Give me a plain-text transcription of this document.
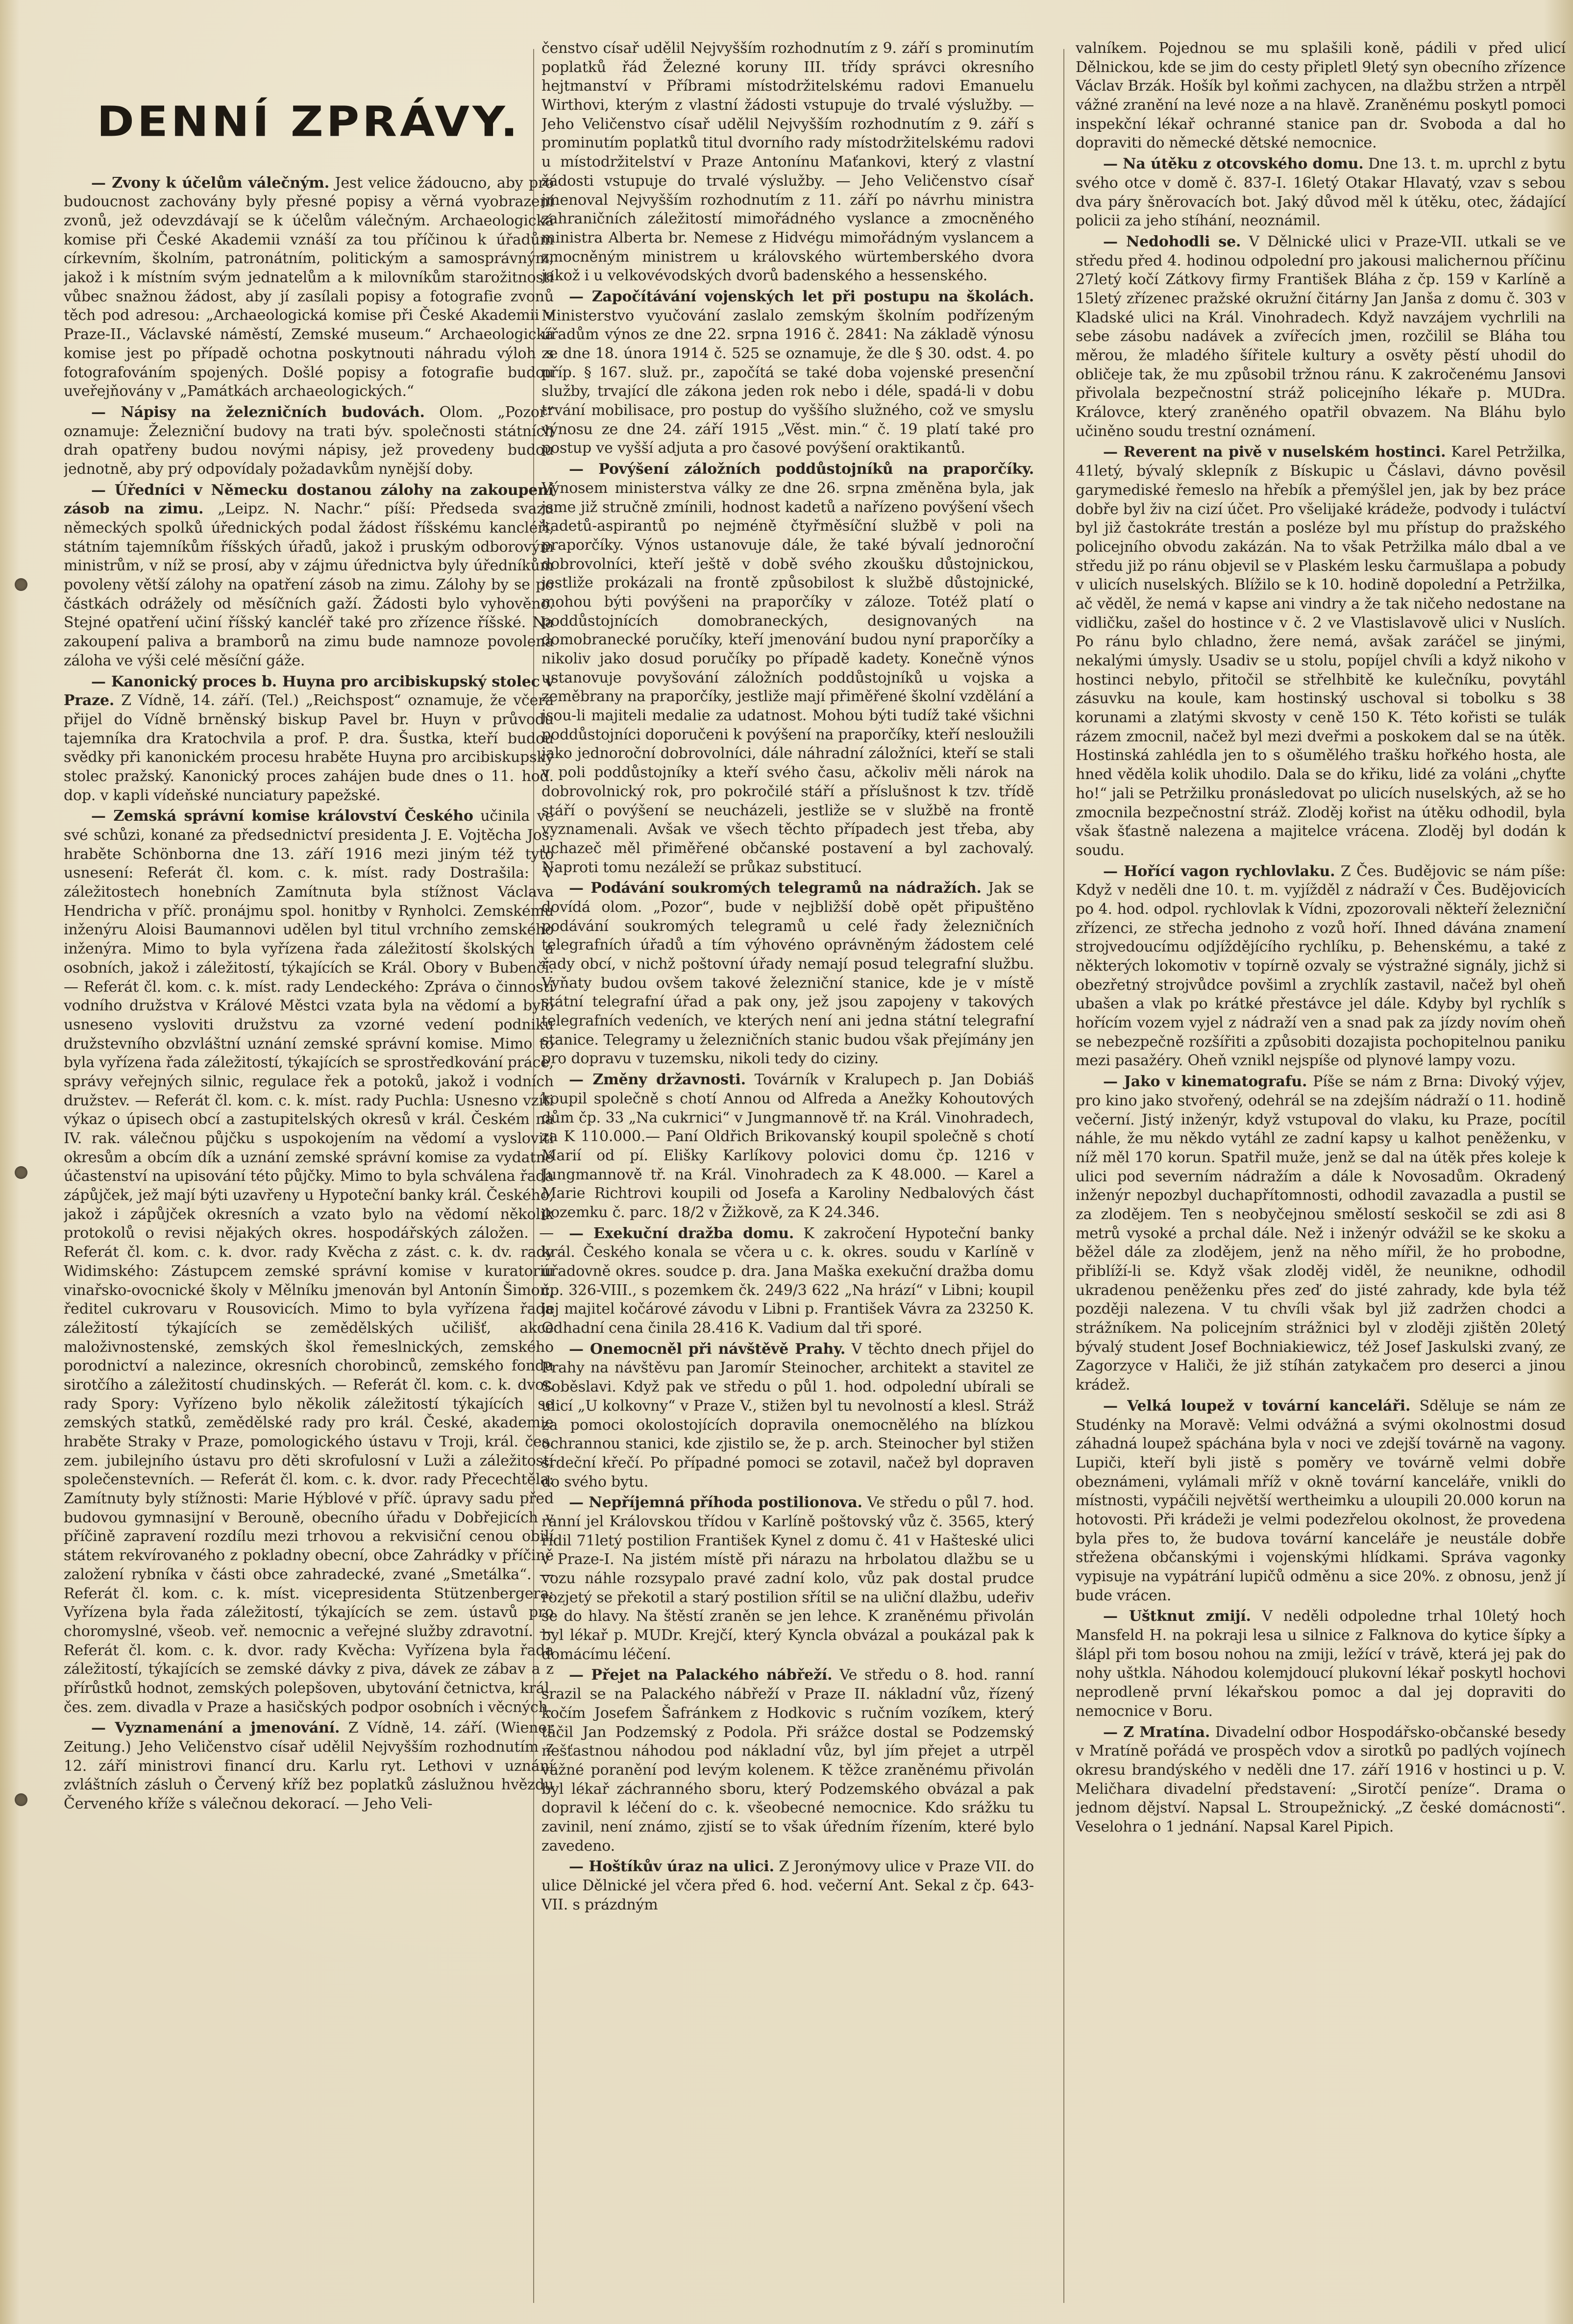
DENNÍ ZPRÁVY.

— Zvony k účelům válečným. Jest velice žádoucno, aby pro budoucnost zachovány byly přesné popisy a věrná vyobrazení zvonů, jež odevzdávají se k účelům válečným. Archaeologická komise při České Akademii vznáší za tou příčinou k úřadům církevním, školním, patronátním, politickým a samosprávným, jakož i k místním svým jednatelům a k milovníkům starožitností vůbec snažnou žádost, aby jí zasílali popisy a fotografie zvonů těch pod adresou: „Archaeologická komise při České Akademii v Praze-II., Václavské náměstí, Zemské museum.“ Archaeologická komise jest po případě ochotna poskytnouti náhradu výloh s fotografováním spojených. Došlé popisy a fotografie budou uveřejňovány v „Památkách archaeologických.“

— Nápisy na železničních budovách. Olom. „Pozor“ oznamuje: Železniční budovy na trati býv. společnosti státních drah opatřeny budou novými nápisy, jež provedeny budou jednotně, aby prý odpovídaly požadavkům nynější doby.

— Úředníci v Německu dostanou zálohy na zakoupení zásob na zimu. „Leipz. N. Nachr.“ píší: Předseda svazu německých spolků úřednických podal žádost říšskému kancléři, státním tajemníkům říšských úřadů, jakož i pruským odborovým ministrům, v níž se prosí, aby v zájmu úřednictva byly úředníkům povoleny větší zálohy na opatření zásob na zimu. Zálohy by se po částkách odrážely od měsíčních gaží. Žádosti bylo vyhověno. Stejné opatření učiní říšský kancléř také pro zřízence říšské. Na zakoupení paliva a bramborů na zimu bude namnoze povolena záloha ve výši celé měsíční gáže.

— Kanonický proces b. Huyna pro arcibiskupský stolec v Praze. Z Vídně, 14. září. (Tel.) „Reichspost“ oznamuje, že včera přijel do Vídně brněnský biskup Pavel br. Huyn v průvodu tajemníka dra Kratochvila a prof. P. dra. Šustka, kteří budou svědky při kanonickém procesu hraběte Huyna pro arcibiskupský stolec pražský. Kanonický proces zahájen bude dnes o 11. hod. dop. v kapli vídeňské nunciatury papežské.

— Zemská správní komise království Českého učinila ve své schůzi, konané za předsednictví presidenta J. E. Vojtěcha Jos. hraběte Schönborna dne 13. září 1916 mezi jiným též tyto usnesení: Referát čl. kom. c. k. míst. rady Dostrašila: V záležitostech honebních Zamítnuta byla stížnost Václava Hendricha v příč. pronájmu spol. honitby v Rynholci. Zemskému inženýru Aloisi Baumannovi udělen byl titul vrchního zemského inženýra. Mimo to byla vyřízena řada záležitostí školských a osobních, jakož i záležitostí, týkajících se Král. Obory v Bubenči. — Referát čl. kom. c. k. míst. rady Lendeckého: Zpráva o činnosti vodního družstva v Králové Městci vzata byla na vědomí a bylo usneseno vysloviti družstvu za vzorné vedení podniku družstevního obzvláštní uznání zemské správní komise. Mimo to byla vyřízena řada záležitostí, týkajících se sprostředkování práce, správy veřejných silnic, regulace řek a potoků, jakož i vodních družstev. — Referát čl. kom. c. k. míst. rady Puchla: Usnesno vzíti výkaz o úpisech obcí a zastupitelských okresů v král. Českém na IV. rak. válečnou půjčku s uspokojením na vědomí a vysloviti okresům a obcím dík a uznání zemské správní komise za vydatné účastenství na upisování této půjčky. Mimo to byla schválena řada zápůjček, jež mají býti uzavřeny u Hypoteční banky král. Českého, jakož i zápůjček okresních a vzato bylo na vědomí několik protokolů o revisi nějakých okres. hospodářských záložen. — Referát čl. kom. c. k. dvor. rady Kvěcha z zást. c. k. dv. rady Widimského: Zástupcem zemské správní komise v kuratoriu vinařsko-ovocnické školy v Mělníku jmenován byl Antonín Šimon, ředitel cukrovaru v Rousovicích. Mimo to byla vyřízena řada záležitostí týkajících se zemědělských učilišť, akce maloživnostenské, zemských škol řemeslnických, zemského porodnictví a nalezince, okresních chorobinců, zemského fondu sirotčího a záležitostí chudinských. — Referát čl. kom. c. k. dvor. rady Spory: Vyřízeno bylo několik záležitostí týkajících se zemských statků, zemědělské rady pro král. České, akademie hraběte Straky v Praze, pomologického ústavu v Troji, král. čes. zem. jubilejního ústavu pro děti skrofulosní v Luži a záležitostí společenstevních. — Referát čl. kom. c. k. dvor. rady Přecechtěla: Zamítnuty byly stížnosti: Marie Hýblové v příč. úpravy sadu před budovou gymnasijní v Berouně, obecního úřadu v Dobřejicích v příčině zapravení rozdílu mezi trhovou a rekvisiční cenou obilí státem rekvírovaného z pokladny obecní, obce Zahrádky v příčině založení rybníka v části obce zahradecké, zvané „Smetálka“. — Referát čl. kom. c. k. míst. vicepresidenta Stützenbergera: Vyřízena byla řada záležitostí, týkajících se zem. ústavů pro choromyslné, všeob. veř. nemocnic a veřejné služby zdravotní. — Referát čl. kom. c. k. dvor. rady Kvěcha: Vyřízena byla řada záležitostí, týkajících se zemské dávky z piva, dávek ze zábav a z přírůstků hodnot, zemských polepšoven, ubytování četnictva, král. čes. zem. divadla v Praze a hasičských podpor osobních i věcných.

— Vyznamenání a jmenování. Z Vídně, 14. září. (Wiener Zeitung.) Jeho Veličenstvo císař udělil Nejvyšším rozhodnutím z 12. září ministrovi financí dru. Karlu ryt. Lethovi v uznání zvláštních zásluh o Červený kříž bez poplatků záslužnou hvězdu Červeného kříže s válečnou dekorací. — Jeho Veli-

čenstvo císař udělil Nejvyšším rozhodnutím z 9. září s prominutím poplatků řád Železné koruny III. třídy správci okresního hejtmanství v Příbrami místodržitelskému radovi Emanuelu Wirthovi, kterým z vlastní žádosti vstupuje do trvalé výslužby. — Jeho Veličenstvo císař udělil Nejvyšším rozhodnutím z 9. září s prominutím poplatků titul dvorního rady místodržitelskému radovi u místodržitelství v Praze Antonínu Maťankovi, který z vlastní žádosti vstupuje do trvalé výslužby. — Jeho Veličenstvo císař jmenoval Nejvyšším rozhodnutím z 11. září po návrhu ministra zahraničních záležitostí mimořádného vyslance a zmocněného ministra Alberta br. Nemese z Hidvégu mimořádným vyslancem a zmocněným ministrem u královského würtemberského dvora jakož i u velkovévodských dvorů badenského a hessenského.

— Započítávání vojenských let při postupu na školách. Ministerstvo vyučování zaslalo zemským školním podřízeným úřadům výnos ze dne 22. srpna 1916 č. 2841: Na základě výnosu ze dne 18. února 1914 č. 525 se oznamuje, že dle § 30. odst. 4. po příp. § 167. služ. pr., započítá se také doba vojenské presenční služby, trvající dle zákona jeden rok nebo i déle, spadá-li v dobu trvání mobilisace, pro postup do vyššího služného, což ve smyslu výnosu ze dne 24. září 1915 „Věst. min.“ č. 19 platí také pro postup ve vyšší adjuta a pro časové povýšení oraktikantů.

— Povýšení záložních poddůstojníků na praporčíky. Výnosem ministerstva války ze dne 26. srpna změněna byla, jak jsme již stručně zmínili, hodnost kadetů a nařízeno povýšení všech kadetů-aspirantů po nejméně čtyřměsíční službě v poli na praporčíky. Výnos ustanovuje dále, že také bývalí jednoroční dobrovolníci, kteří ještě v době svého zkoušku důstojnickou, jestliže prokázali na frontě způsobilost k službě důstojnické, mohou býti povýšeni na praporčíky v záloze. Totéž platí o poddůstojnících domobraneckých, designovaných na domobranecké poručíky, kteří jmenování budou nyní praporčíky a nikoliv jako dosud poručíky po případě kadety. Konečně výnos ustanovuje povyšování záložních poddůstojníků u vojska a zeměbrany na praporčíky, jestliže mají přiměřené školní vzdělání a jsou-li majiteli medalie za udatnost. Mohou býti tudíž také všichni poddůstojníci doporučeni k povýšení na praporčíky, kteří nesloužili jako jednoroční dobrovolníci, dále náhradní záložníci, kteří se stali v poli poddůstojníky a kteří svého času, ačkoliv měli nárok na dobrovolnický rok, pro pokročilé stáří a příslušnost k tzv. třídě stáří o povýšení se neucházeli, jestliže se v službě na frontě vyznamenali. Avšak ve všech těchto případech jest třeba, aby uchazeč měl přiměřené občanské postavení a byl zachovalý. Naproti tomu nezáleží se průkaz substitucí.

— Podávání soukromých telegramů na nádražích. Jak se dovídá olom. „Pozor“, bude v nejbližší době opět připuštěno podávání soukromých telegramů u celé řady železničních telegrafních úřadů a tím výhovéno oprávněným žádostem celé řady obcí, v nichž poštovní úřady nemají posud telegrafní službu. Vyňaty budou ovšem takové železniční stanice, kde je v místě státní telegrafní úřad a pak ony, jež jsou zapojeny v takových telegrafních vedeních, ve kterých není ani jedna státní telegrafní stanice. Telegramy u železničních stanic budou však přejímány jen pro dopravu v tuzemsku, nikoli tedy do ciziny.

— Změny državnosti. Továrník v Kralupech p. Jan Dobiáš koupil společně s chotí Annou od Alfreda a Anežky Kohoutových dům čp. 33 „Na cukrnici“ v Jungmannově tř. na Král. Vinohradech, za K 110.000.— Paní Oldřich Brikovanský koupil společně s chotí Marií od pí. Elišky Karlíkovy polovici domu čp. 1216 v Jungmannově tř. na Král. Vinohradech za K 48.000. — Karel a Marie Richtrovi koupili od Josefa a Karoliny Nedbalových část pozemku č. parc. 18/2 v Žižkově, za K 24.346.

— Exekuční dražba domu. K zakročení Hypoteční banky král. Českého konala se včera u c. k. okres. soudu v Karlíně v úřadovně okres. soudce p. dra. Jana Maška exekuční dražba domu čp. 326-VIII., s pozemkem čk. 249/3 622 „Na hrází“ v Libni; koupil jej majitel kočárové závodu v Libni p. František Vávra za 23250 K. Odhadní cena činila 28.416 K. Vadium dal tři sporé.

— Onemocněl při návštěvě Prahy. V těchto dnech přijel do Prahy na návštěvu pan Jaromír Steinocher, architekt a stavitel ze Soběslavi. Když pak ve středu o půl 1. hod. odpolední ubírali se ulicí „U kolkovny“ v Praze V., stižen byl tu nevolností a klesl. Stráž za pomoci okolostojících dopravila onemocnělého na blízkou ochrannou stanici, kde zjistilo se, že p. arch. Steinocher byl stižen srdeční křečí. Po případné pomoci se zotavil, načež byl dopraven do svého bytu.

— Nepříjemná příhoda postilionova. Ve středu o půl 7. hod. ranní jel Královskou třídou v Karlíně poštovský vůz č. 3565, který řídil 71letý postilion František Kynel z domu č. 41 v Hašteské ulici v Praze-I. Na jistém místě při nárazu na hrbolatou dlažbu se u vozu náhle rozsypalo pravé zadní kolo, vůz pak dostal prudce rozjetý se překotil a starý postilion sřítil se na uliční dlažbu, udeřiv se do hlavy. Na štěstí zraněn se jen lehce. K zraněnému přivolán byl lékař p. MUDr. Krejčí, který Kyncla obvázal a poukázal pak k domácímu léčení.

— Přejet na Palackého nábřeží. Ve středu o 8. hod. ranní srazil se na Palackého nábřeží v Praze II. nákladní vůz, řízený kočím Josefem Šafránkem z Hodkovic s ručním vozíkem, který táčil Jan Podzemský z Podola. Při srážce dostal se Podzemský nešťastnou náhodou pod nákladní vůz, byl jím přejet a utrpěl vážné poranění pod levým kolenem. K těžce zraněnému přivolán byl lékař záchranného sboru, který Podzemského obvázal a pak dopravil k léčení do c. k. všeobecné nemocnice. Kdo srážku tu zavinil, není známo, zjistí se to však úředním řízením, které bylo zavedeno.

— Hoštíkův úraz na ulici. Z Jeronýmovy ulice v Praze VII. do ulice Dělnické jel včera před 6. hod. večerní Ant. Sekal z čp. 643-VII. s prázdným

valníkem. Pojednou se mu splašili koně, pádili v před ulicí Dělnickou, kde se jim do cesty připletl 9letý syn obecního zřízence Václav Brzák. Hošík byl koňmi zachycen, na dlažbu stržen a ntrpěl vážné zranění na levé noze a na hlavě. Zraněnému poskytl pomoci inspekční lékař ochranné stanice pan dr. Svoboda a dal ho dopraviti do německé dětské nemocnice.

— Na útěku z otcovského domu. Dne 13. t. m. uprchl z bytu svého otce v domě č. 837-I. 16letý Otakar Hlavatý, vzav s sebou dva páry šněrovacích bot. Jaký důvod měl k útěku, otec, žádající policii za jeho stíhání, neoznámil.

— Nedohodli se. V Dělnické ulici v Praze-VII. utkali se ve středu před 4. hodinou odpolední pro jakousi malichernou příčinu 27letý kočí Zátkovy firmy František Bláha z čp. 159 v Karlíně a 15letý zřízenec pražské okružní čitárny Jan Janša z domu č. 303 v Kladské ulici na Král. Vinohradech. Když navzájem vychrlili na sebe zásobu nadávek a zvířecích jmen, rozčilil se Bláha tou měrou, že mladého šířitele kultury a osvěty pěstí uhodil do obličeje tak, že mu způsobil tržnou ránu. K zakročenému Jansovi přivolala bezpečnostní stráž policejního lékaře p. MUDra. Královce, který zraněného opatřil obvazem. Na Bláhu bylo učiněno soudu trestní oznámení.

— Reverent na pivě v nuselském hostinci. Karel Petržilka, 41letý, bývalý sklepník z Bískupic u Čáslavi, dávno pověsil garymediské řemeslo na hřebík a přemýšlel jen, jak by bez práce dobře byl živ na cizí účet. Pro všelijaké krádeže, podvody i tuláctví byl již častokráte trestán a posléze byl mu přístup do pražského policejního obvodu zakázán. Na to však Petržilka málo dbal a ve středu již po ránu objevil se v Plaském lesku čarmušlapa a pobudy v ulicích nuselských. Blížilo se k 10. hodině dopolední a Petržilka, ač věděl, že nemá v kapse ani vindry a že tak ničeho nedostane na vidličku, zašel do hostince v č. 2 ve Vlastislavově ulici v Nuslích. Po ránu bylo chladno, žere nemá, avšak zaráčel se jinými, nekalými úmysly. Usadiv se u stolu, popíjel chvíli a když nikoho v hostinci nebylo, přitočil se střelhbitě ke kulečníku, povytáhl zásuvku na koule, kam hostinský uschoval si tobolku s 38 korunami a zlatými skvosty v ceně 150 K. Této kořisti se tulák rázem zmocnil, načež byl mezi dveřmi a poskokem dal se na útěk. Hostinská zahlédla jen to s ošumělého trašku hořkého hosta, ale hned věděla kolik uhodilo. Dala se do křiku, lidé za voláni „chyťte ho!“ jali se Petržilku pronásledovat po ulicích nuselských, až se ho zmocnila bezpečnostní stráž. Zloděj kořist na útěku odhodil, byla však šťastně nalezena a majitelce vrácena. Zloděj byl dodán k soudu.

— Hořící vagon rychlovlaku. Z Čes. Budějovic se nám píše: Když v neděli dne 10. t. m. vyjížděl z nádraží v Čes. Budějovicích po 4. hod. odpol. rychlovlak k Vídni, zpozorovali někteří železniční zřízenci, ze střecha jednoho z vozů hoří. Ihned dávána znamení strojvedoucímu odjíždějícího rychlíku, p. Behenskému, a také z některých lokomotiv v topírně ozvaly se výstražné signály, jichž si obezřetný strojvůdce povšiml a zrychlík zastavil, načež byl oheň ubašen a vlak po krátké přestávce jel dále. Kdyby byl rychlík s hořícím vozem vyjel z nádraží ven a snad pak za jízdy novím oheň se nebezpečně rozšířiti a způsobiti dozajista pochopitelnou paniku mezi pasažéry. Oheň vznikl nejspíše od plynové lampy vozu.

— Jako v kinematografu. Píše se nám z Brna: Divoký výjev, pro kino jako stvořený, odehrál se na zdejším nádraží o 11. hodině večerní. Jistý inženýr, když vstupoval do vlaku, ku Praze, pocítil náhle, že mu někdo vytáhl ze zadní kapsy u kalhot peněženku, v níž měl 170 korun. Spatřil muže, jenž se dal na útěk přes koleje k ulici pod severním nádražím a dále k Novosadům. Okradený inženýr nepozbyl duchapřítomnosti, odhodil zavazadla a pustil se za zlodějem. Ten s neobyčejnou smělostí seskočil se zdi asi 8 metrů vysoké a prchal dále. Než i inženýr odvážil se ke skoku a běžel dále za zlodějem, jenž na něho mířil, že ho probodne, přiblíží-li se. Když však zloděj viděl, že neunikne, odhodil ukradenou peněženku přes zeď do jisté zahrady, kde byla též později nalezena. V tu chvíli však byl již zadržen chodci a strážníkem. Na policejním strážnici byl v zloději zjištěn 20letý bývalý student Josef Bochniakiewicz, též Josef Jaskulski zvaný, ze Zagorzyce v Haliči, že již stíhán zatykačem pro deserci a jinou krádež.

— Velká loupež v tovární kanceláři. Sděluje se nám ze Studénky na Moravě: Velmi odvážná a svými okolnostmi dosud záhadná loupež spáchána byla v noci ve zdejší továrně na vagony. Lupiči, kteří byli jistě s poměry ve továrně velmi dobře obeznámeni, vylámali mříž v okně tovární kanceláře, vnikli do místnosti, vypáčili největší wertheimku a uloupili 20.000 korun na hotovosti. Při krádeži je velmi podezřelou okolnost, že provedena byla přes to, že budova tovární kanceláře je neustále dobře střežena občanskými i vojenskými hlídkami. Správa vagonky vypisuje na vypátrání lupičů odměnu a sice 20%. z obnosu, jenž jí bude vrácen.

— Uštknut zmijí. V neděli odpoledne trhal 10letý hoch Mansfeld H. na pokraji lesa u silnice z Falknova do kytice šípky a šlápl při tom bosou nohou na zmiji, ležící v trávě, která jej pak do nohy uštkla. Náhodou kolemjdoucí plukovní lékař poskytl hochovi neprodleně první lékařskou pomoc a dal jej dopraviti do nemocnice v Boru.

— Z Mratína. Divadelní odbor Hospodářsko-občanské besedy v Mratíně pořádá ve prospěch vdov a sirotků po padlých vojínech okresu brandýského v neděli dne 17. září 1916 v hostinci u p. V. Meličhara divadelní představení: „Sirotčí peníze“. Drama o jednom dějství. Napsal L. Stroupežnický. „Z české domácnosti“. Veseloh​ra o 1 jednání. Napsal Karel Pipich.
